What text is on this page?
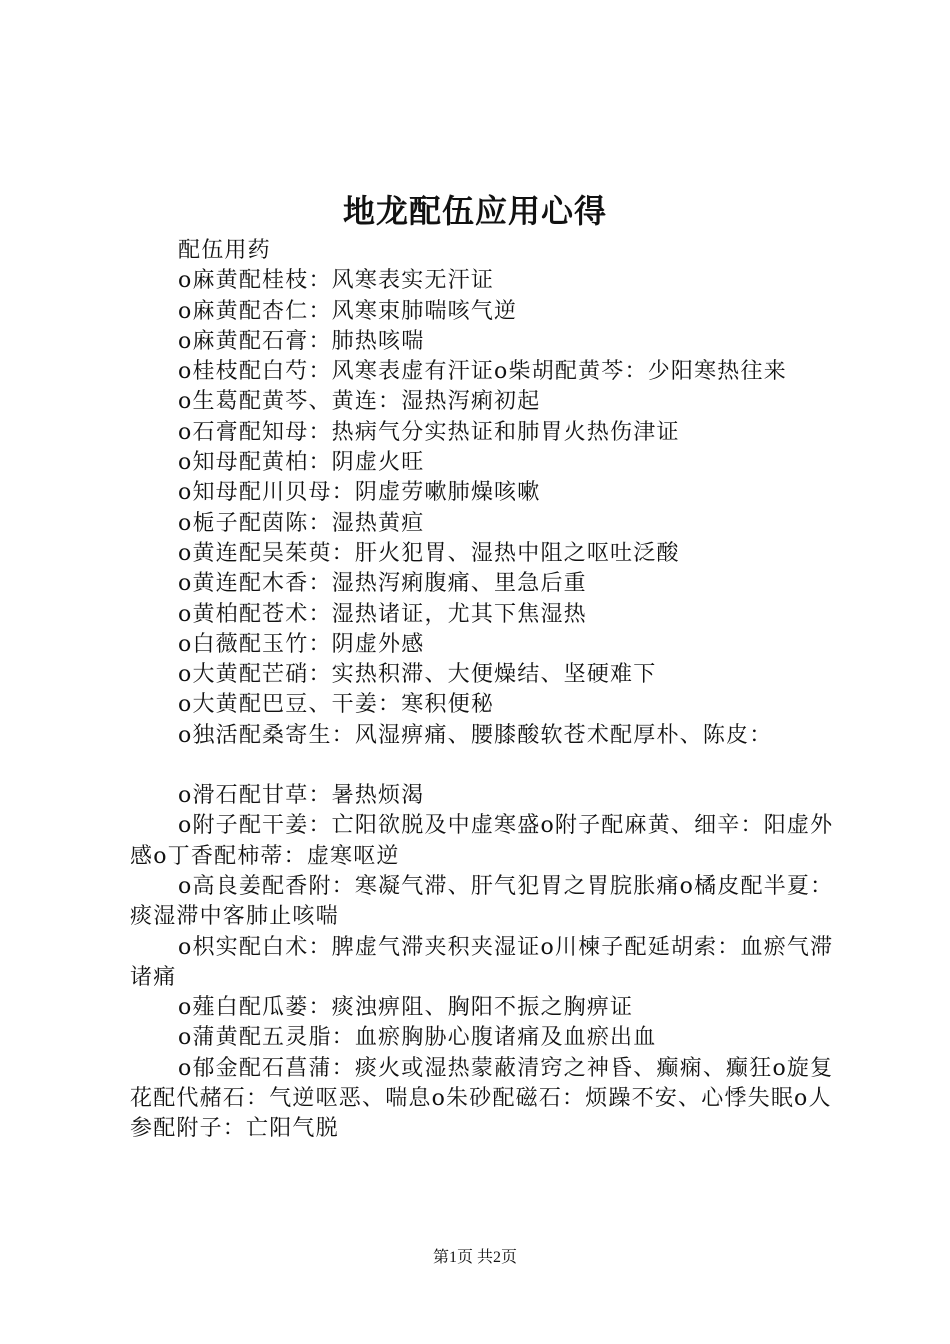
地龙配伍应用心得

配伍用药

o麻黄配桂枝：风寒表实无汗证

o麻黄配杏仁：风寒束肺喘咳气逆

o麻黄配石膏：肺热咳喘

o桂枝配白芍：风寒表虚有汗证o柴胡配黄芩：少阳寒热往来

o生葛配黄芩、黄连：湿热泻痢初起

o石膏配知母：热病气分实热证和肺胃火热伤津证

o知母配黄柏：阴虚火旺

o知母配川贝母：阴虚劳嗽肺燥咳嗽

o栀子配茵陈：湿热黄疸

o黄连配吴茱萸：肝火犯胃、湿热中阻之呕吐泛酸

o黄连配木香：湿热泻痢腹痛、里急后重

o黄柏配苍术：湿热诸证，尤其下焦湿热

o白薇配玉竹：阴虚外感

o大黄配芒硝：实热积滞、大便燥结、坚硬难下

o大黄配巴豆、干姜：寒积便秘

o独活配桑寄生：风湿痹痛、腰膝酸软苍术配厚朴、陈皮：

o滑石配甘草：暑热烦渴

o附子配干姜：亡阳欲脱及中虚寒盛o附子配麻黄、细辛：阳虚外感o丁香配柿蒂：虚寒呕逆

o高良姜配香附：寒凝气滞、肝气犯胃之胃脘胀痛o橘皮配半夏：痰湿滞中客肺止咳喘

o枳实配白术：脾虚气滞夹积夹湿证o川楝子配延胡索：血瘀气滞诸痛

o薤白配瓜蒌：痰浊痹阻、胸阳不振之胸痹证

o蒲黄配五灵脂：血瘀胸胁心腹诸痛及血瘀出血

o郁金配石菖蒲：痰火或湿热蒙蔽清窍之神昏、癫痫、癫狂o旋复花配代赭石：气逆呕恶、喘息o朱砂配磁石：烦躁不安、心悸失眠o人参配附子：亡阳气脱

第1页 共2页
